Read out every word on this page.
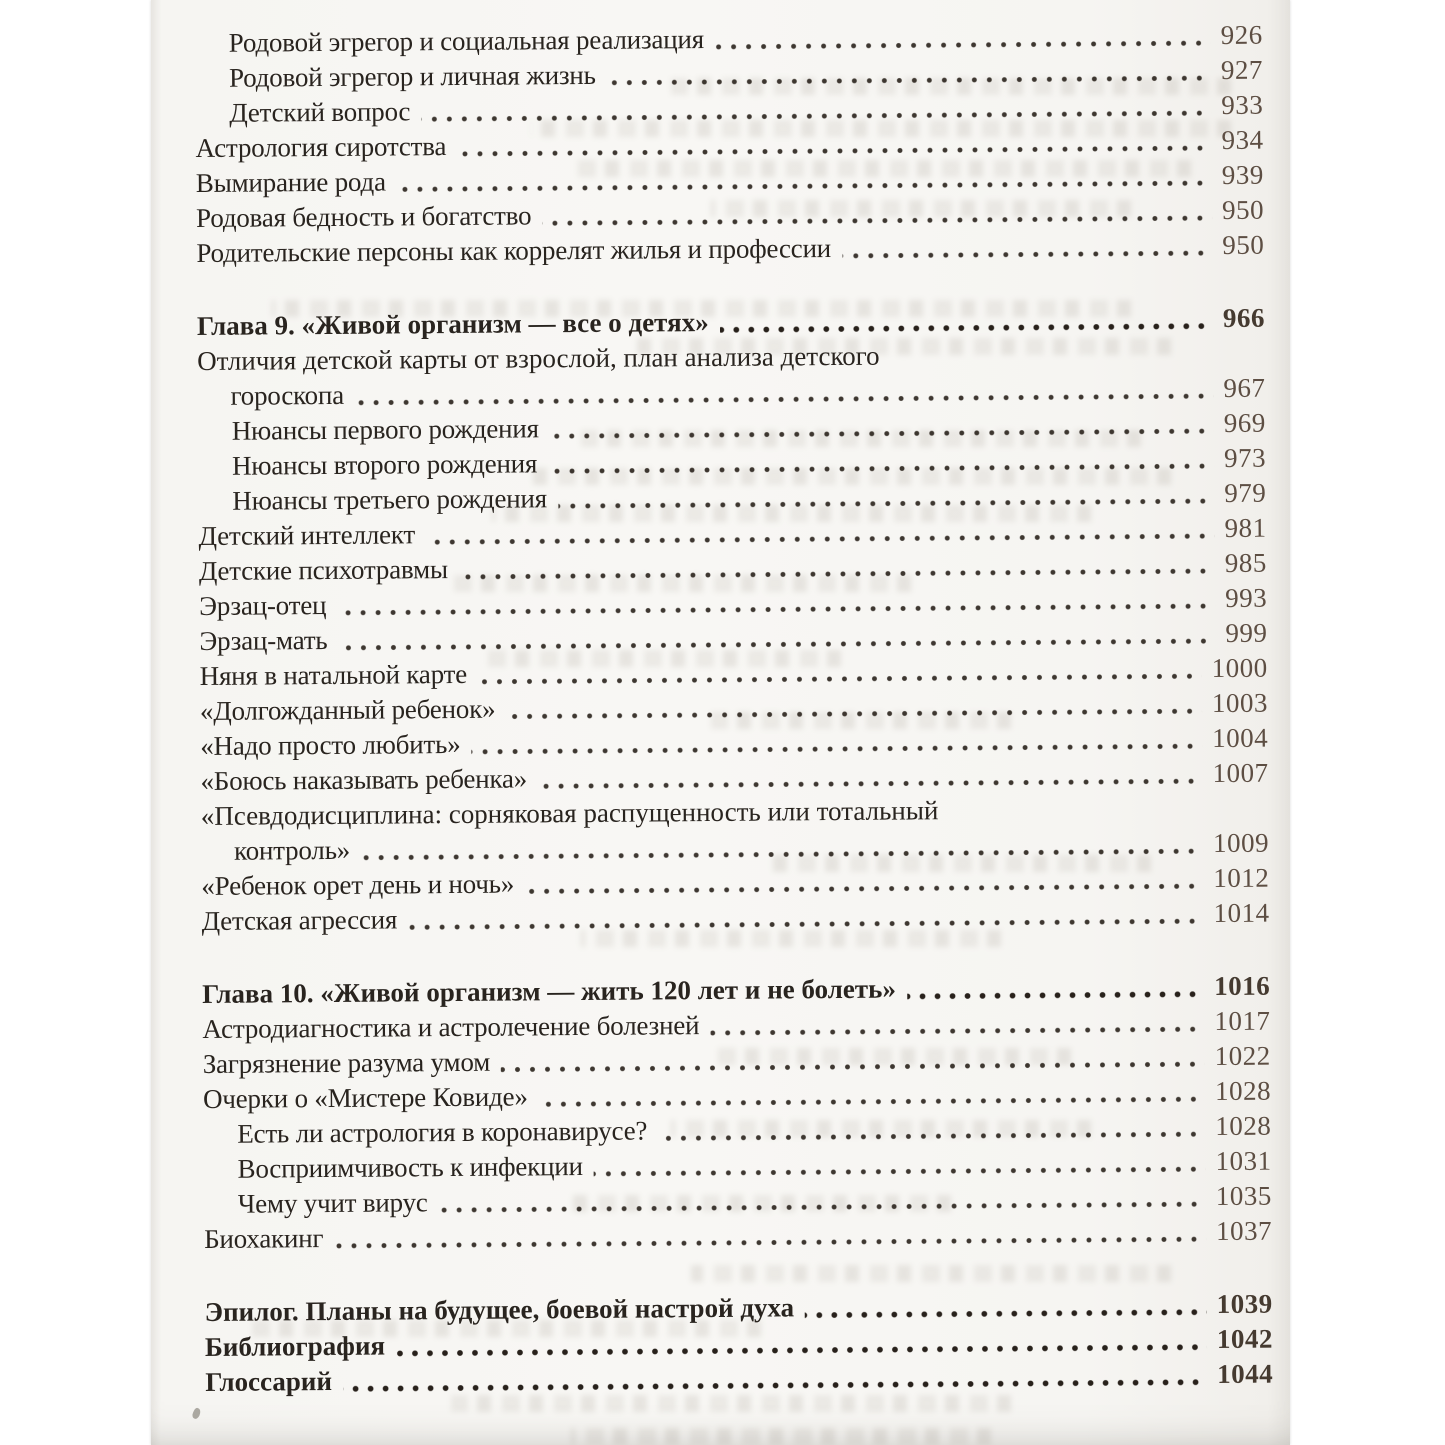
Родовой эгрегор и социальная реализация	926
Родовой эгрегор и личная жизнь	927
Детский вопрос	933
Астрология сиротства	934
Вымирание рода	939
Родовая бедность и богатство	950
Родительские персоны как коррелят жилья и профессии	950
Глава 9. «Живой организм — все о детях»	966
Отличия детской карты от взрослой, план анализа детского
гороскопа	967
Нюансы первого рождения	969
Нюансы второго рождения	973
Нюансы третьего рождения	979
Детский интеллект	981
Детские психотравмы	985
Эрзац-отец	993
Эрзац-мать	999
Няня в натальной карте	1000
«Долгожданный ребенок»	1003
«Надо просто любить»	1004
«Боюсь наказывать ребенка»	1007
«Псевдодисциплина: сорняковая распущенность или тотальный
контроль»	1009
«Ребенок орет день и ночь»	1012
Детская агрессия	1014
Глава 10. «Живой организм — жить 120 лет и не болеть»	1016
Астродиагностика и астролечение болезней	1017
Загрязнение разума умом	1022
Очерки о «Мистере Ковиде»	1028
Есть ли астрология в коронавирусе?	1028
Восприимчивость к инфекции	1031
Чему учит вирус	1035
Биохакинг	1037
Эпилог. Планы на будущее, боевой настрой духа	1039
Библиография	1042
Глоссарий	1044
